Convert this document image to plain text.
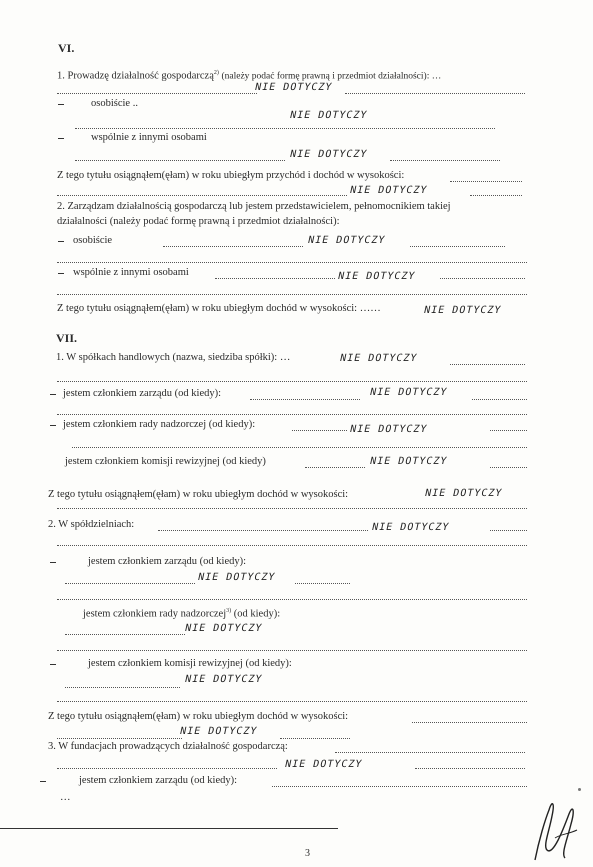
VI.
1. Prowadzę działalność gospodarczą$^{2)}$ (należy podać formę prawną i przedmiot działalności): …
NIE DOTYCZY
osobiście ..
NIE DOTYCZY
wspólnie z innymi osobami
NIE DOTYCZY
Z tego tytułu osiągnąłem(ęłam) w roku ubiegłym przychód i dochód w wysokości:
NIE DOTYCZY
2. Zarządzam działalnością gospodarczą lub jestem przedstawicielem, pełnomocnikiem takiej
działalności (należy podać formę prawną i przedmiot działalności):
osobiście	NIE DOTYCZY
wspólnie z innymi osobami	NIE DOTYCZY
Z tego tytułu osiągnąłem(ęłam) w roku ubiegłym dochód w wysokości: ……	NIE DOTYCZY
VII.
1. W spółkach handlowych (nazwa, siedziba spółki): …	NIE DOTYCZY
jestem członkiem zarządu (od kiedy):	NIE DOTYCZY
jestem członkiem rady nadzorczej (od kiedy):	NIE DOTYCZY
jestem członkiem komisji rewizyjnej (od kiedy)	NIE DOTYCZY
Z tego tytułu osiągnąłem(ęłam) w roku ubiegłym dochód w wysokości:	NIE DOTYCZY
2. W spółdzielniach:	NIE DOTYCZY
jestem członkiem zarządu (od kiedy):
NIE DOTYCZY
jestem członkiem rady nadzorczej$^{3)}$ (od kiedy):
NIE DOTYCZY
jestem członkiem komisji rewizyjnej (od kiedy):
NIE DOTYCZY
Z tego tytułu osiągnąłem(ęłam) w roku ubiegłym dochód w wysokości:
NIE DOTYCZY
3. W fundacjach prowadzących działalność gospodarczą:
NIE DOTYCZY
jestem członkiem zarządu (od kiedy):
…
3
